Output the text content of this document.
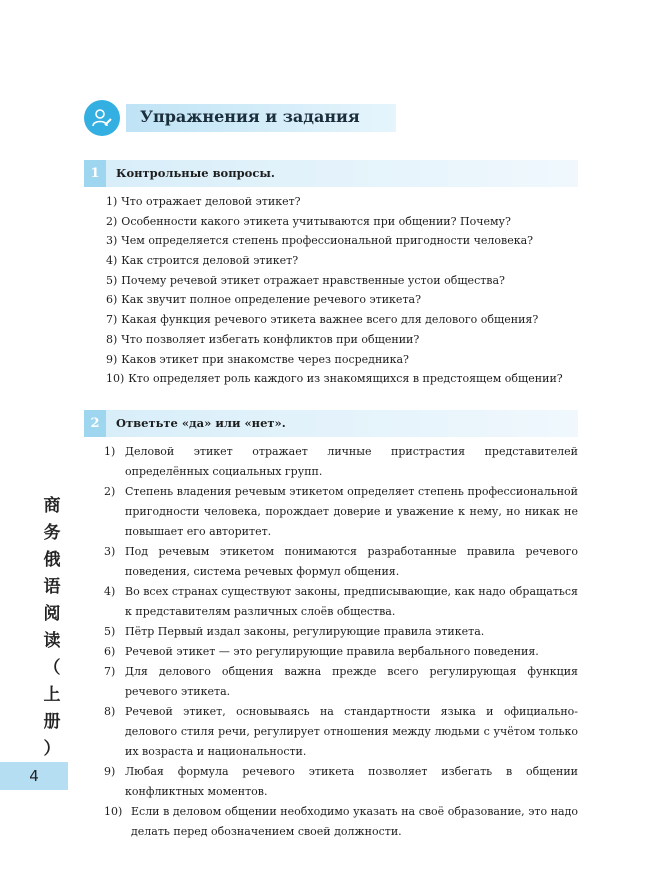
Упражнения и задания
1	Контрольные вопросы.
1) Что отражает деловой этикет?
2) Особенности какого этикета учитываются при общении? Почему?
3) Чем определяется степень профессиональной пригодности человека?
4) Как строится деловой этикет?
5) Почему речевой этикет отражает нравственные устои общества?
6) Как звучит полное определение речевого этикета?
7) Какая функция речевого этикета важнее всего для делового общения?
8) Что позволяет избегать конфликтов при общении?
9) Каков этикет при знакомстве через посредника?
10) Кто определяет роль каждого из знакомящихся в предстоящем общении?
2	Ответьте «да» или «нет».
1) Деловой этикет отражает личные пристрастия представителей определённых социальных групп.
2) Степень владения речевым этикетом определяет степень профессиональной пригодности человека, порождает доверие и уважение к нему, но никак не повышает его авторитет.
3) Под речевым этикетом понимаются разработанные правила речевого поведения, система речевых формул общения.
4) Во всех странах существуют законы, предписывающие, как надо обращаться к представителям различных слоёв общества.
5) Пётр Первый издал законы, регулирующие правила этикета.
6) Речевой этикет — это регулирующие правила вербального поведения.
7) Для делового общения важна прежде всего регулирующая функция речевого этикета.
8) Речевой этикет, основываясь на стандартности языка и официально-делового стиля речи, регулирует отношения между людьми с учётом только их возраста и национальности.
9) Любая формула речевого этикета позволяет избегать в общении конфликтных моментов.
10) Если в деловом общении необходимо указать на своё образование, это надо делать перед обозначением своей должности.
商
务
俄
语
阅
读
（
上
册
）
4
